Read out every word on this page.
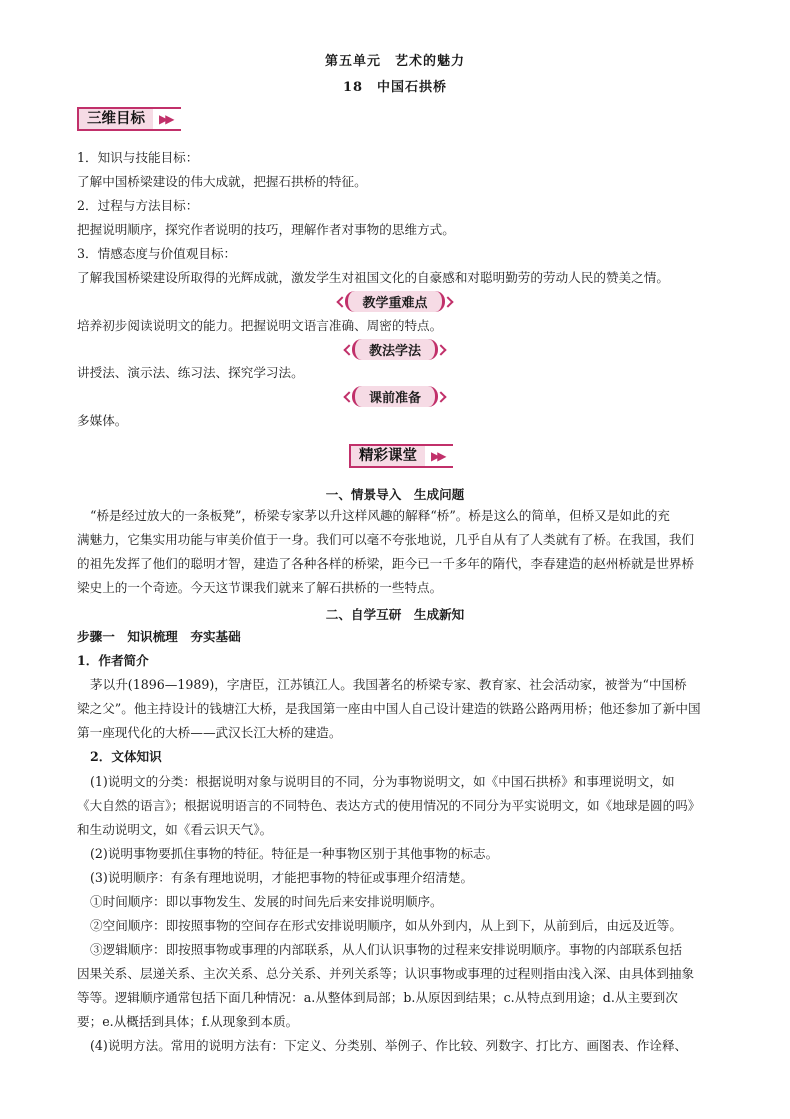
第五单元　艺术的魅力
18　中国石拱桥
三维目标 ▶▶
1．知识与技能目标：
了解中国桥梁建设的伟大成就，把握石拱桥的特征。
2．过程与方法目标：
把握说明顺序，探究作者说明的技巧，理解作者对事物的思维方式。
3．情感态度与价值观目标：
了解我国桥梁建设所取得的光辉成就，激发学生对祖国文化的自豪感和对聪明勤劳的劳动人民的赞美之情。
教学重难点
培养初步阅读说明文的能力。把握说明文语言准确、周密的特点。
教法学法
讲授法、演示法、练习法、探究学习法。
课前准备
多媒体。
精彩课堂 ▶▶
一、情景导入　生成问题
“桥是经过放大的一条板凳”，桥梁专家茅以升这样风趣的解释“桥”。桥是这么的简单，但桥又是如此的充
满魅力，它集实用功能与审美价值于一身。我们可以毫不夸张地说，几乎自从有了人类就有了桥。在我国，我们
的祖先发挥了他们的聪明才智，建造了各种各样的桥梁，距今已一千多年的隋代，李春建造的赵州桥就是世界桥
梁史上的一个奇迹。今天这节课我们就来了解石拱桥的一些特点。
二、自学互研　生成新知
步骤一　知识梳理　夯实基础
1．作者简介
茅以升(1896—1989)，字唐臣，江苏镇江人。我国著名的桥梁专家、教育家、社会活动家，被誉为“中国桥
梁之父”。他主持设计的钱塘江大桥，是我国第一座由中国人自己设计建造的铁路公路两用桥；他还参加了新中国
第一座现代化的大桥——武汉长江大桥的建造。
2．文体知识
(1)说明文的分类：根据说明对象与说明目的不同，分为事物说明文，如《中国石拱桥》和事理说明文，如
《大自然的语言》；根据说明语言的不同特色、表达方式的使用情况的不同分为平实说明文，如《地球是圆的吗》
和生动说明文，如《看云识天气》。
(2)说明事物要抓住事物的特征。特征是一种事物区别于其他事物的标志。
(3)说明顺序：有条有理地说明，才能把事物的特征或事理介绍清楚。
①时间顺序：即以事物发生、发展的时间先后来安排说明顺序。
②空间顺序：即按照事物的空间存在形式安排说明顺序，如从外到内，从上到下，从前到后，由远及近等。
③逻辑顺序：即按照事物或事理的内部联系，从人们认识事物的过程来安排说明顺序。事物的内部联系包括
因果关系、层递关系、主次关系、总分关系、并列关系等；认识事物或事理的过程则指由浅入深、由具体到抽象
等等。逻辑顺序通常包括下面几种情况：a.从整体到局部；b.从原因到结果；c.从特点到用途；d.从主要到次
要；e.从概括到具体；f.从现象到本质。
(4)说明方法。常用的说明方法有：下定义、分类别、举例子、作比较、列数字、打比方、画图表、作诠释、
